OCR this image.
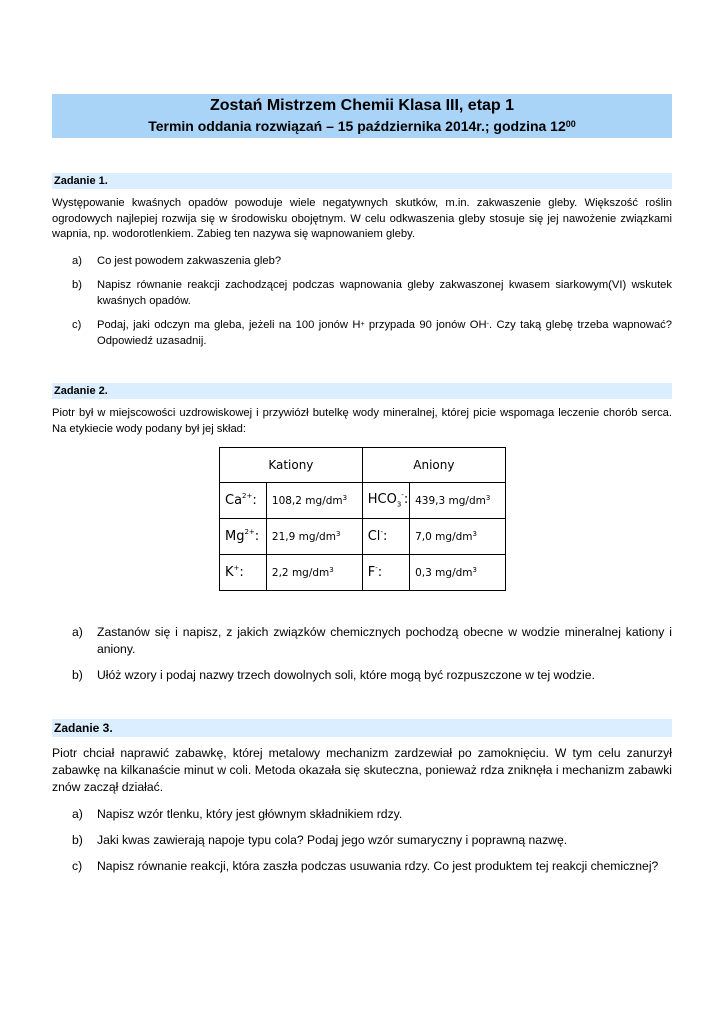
Zostań Mistrzem Chemii Klasa III, etap 1
Termin oddania rozwiązań – 15 października 2014r.; godzina $12^{00}$
Zadanie 1.
Występowanie kwaśnych opadów powoduje wiele negatywnych skutków, m.in. zakwaszenie gleby. Większość roślin ogrodowych najlepiej rozwija się w środowisku obojętnym. W celu odkwaszenia gleby stosuje się jej nawożenie związkami wapnia, np. wodorotlenkiem. Zabieg ten nazywa się wapnowaniem gleby.
a) Co jest powodem zakwaszenia gleb?
b) Napisz równanie reakcji zachodzącej podczas wapnowania gleby zakwaszonej kwasem siarkowym(VI) wskutek kwaśnych opadów.
c) Podaj, jaki odczyn ma gleba, jeżeli na 100 jonów H+ przypada 90 jonów OH-. Czy taką glebę trzeba wapnować? Odpowiedź uzasadnij.
Zadanie 2.
Piotr był w miejscowości uzdrowiskowej i przywiózł butelkę wody mineralnej, której picie wspomaga leczenie chorób serca. Na etykiecie wody podany był jej skład:
Kationy		Aniony	
$Ca^{2+}$:	108,2 $mg/dm^3$	$HCO_3^-$:	439,3 $mg/dm^3$
$Mg^{2+}$:	21,9 $mg/dm^3$	Cl-:	7,0 $mg/dm^3$
K+:	2,2 $mg/dm^3$	F-:	0,3 $mg/dm^3$
a) Zastanów się i napisz, z jakich związków chemicznych pochodzą obecne w wodzie mineralnej kationy i aniony.
b) Ułóż wzory i podaj nazwy trzech dowolnych soli, które mogą być rozpuszczone w tej wodzie.
Zadanie 3.
Piotr chciał naprawić zabawkę, której metalowy mechanizm zardzewiał po zamoknięciu. W tym celu zanurzył zabawkę na kilkanaście minut w coli. Metoda okazała się skuteczna, ponieważ rdza zniknęła i mechanizm zabawki znów zaczął działać.
a) Napisz wzór tlenku, który jest głównym składnikiem rdzy.
b) Jaki kwas zawierają napoje typu cola? Podaj jego wzór sumaryczny i poprawną nazwę.
c) Napisz równanie reakcji, która zaszła podczas usuwania rdzy. Co jest produktem tej reakcji chemicznej?
